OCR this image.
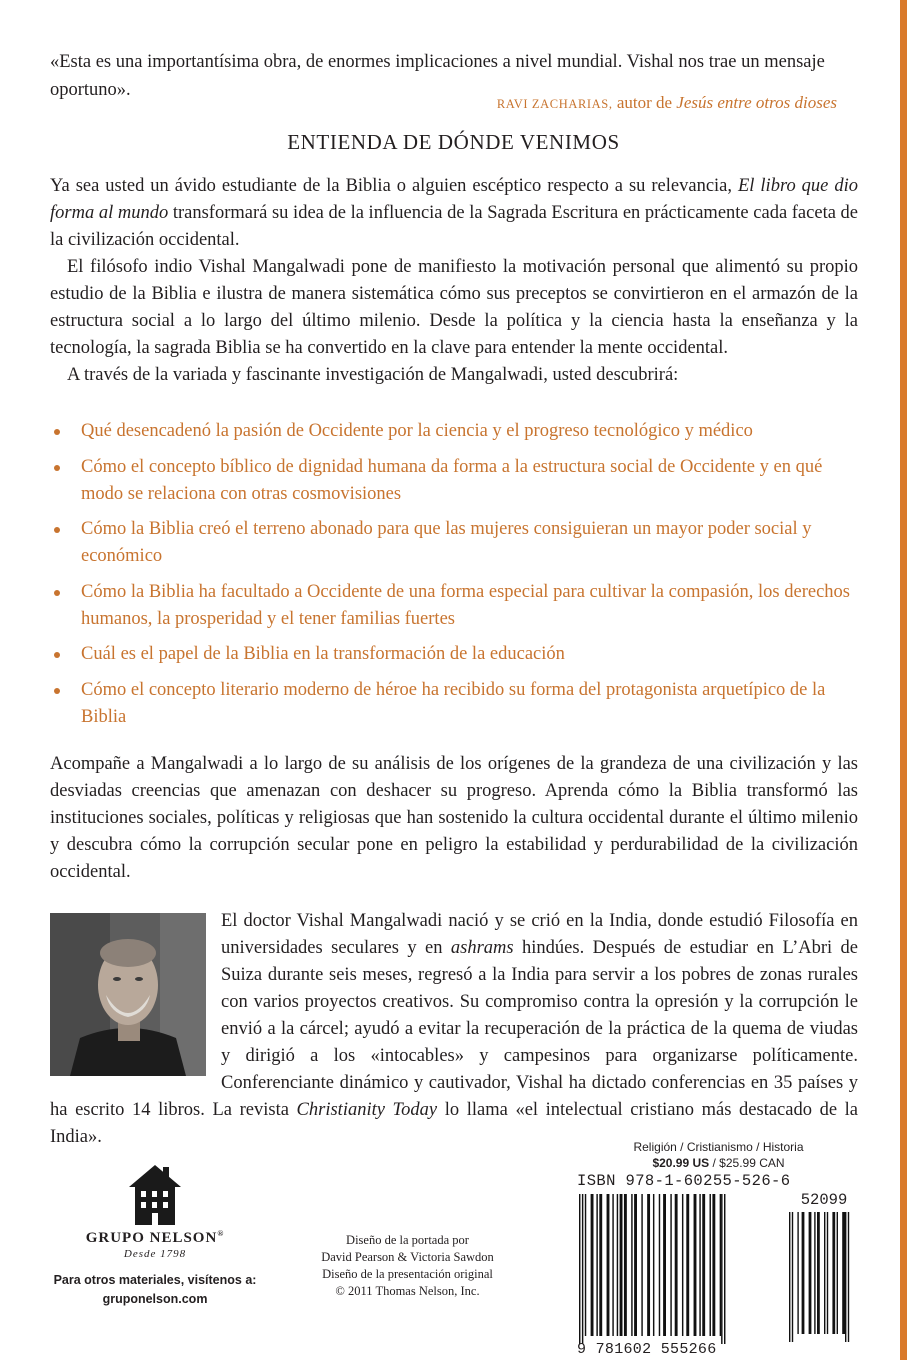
«Esta es una importantísima obra, de enormes implicaciones a nivel mundial. Vishal nos trae un mensaje oportuno».
RAVI ZACHARIAS, autor de Jesús entre otros dioses
ENTIENDA DE DÓNDE VENIMOS

Ya sea usted un ávido estudiante de la Biblia o alguien escéptico respecto a su relevancia, El libro que dio forma al mundo transformará su idea de la influencia de la Sagrada Escritura en prácticamente cada faceta de la civilización occidental.

El filósofo indio Vishal Mangalwadi pone de manifiesto la motivación personal que alimentó su propio estudio de la Biblia e ilustra de manera sistemática cómo sus preceptos se convirtieron en el armazón de la estructura social a lo largo del último milenio. Desde la política y la ciencia hasta la enseñanza y la tecnología, la sagrada Biblia se ha convertido en la clave para entender la mente occidental.

A través de la variada y fascinante investigación de Mangalwadi, usted descubrirá:

Qué desencadenó la pasión de Occidente por la ciencia y el progreso tecnológico y médico
Cómo el concepto bíblico de dignidad humana da forma a la estructura social de Occidente y en qué modo se relaciona con otras cosmovisiones
Cómo la Biblia creó el terreno abonado para que las mujeres consiguieran un mayor poder social y económico
Cómo la Biblia ha facultado a Occidente de una forma especial para cultivar la compasión, los derechos humanos, la prosperidad y el tener familias fuertes
Cuál es el papel de la Biblia en la transformación de la educación
Cómo el concepto literario moderno de héroe ha recibido su forma del protagonista arquetípico de la Biblia
Acompañe a Mangalwadi a lo largo de su análisis de los orígenes de la grandeza de una civilización y las desviadas creencias que amenazan con deshacer su progreso. Aprenda cómo la Biblia transformó las instituciones sociales, políticas y religiosas que han sostenido la cultura occidental durante el último milenio y descubra cómo la corrupción secular pone en peligro la estabilidad y perdurabilidad de la civilización occidental.
El doctor Vishal Mangalwadi nació y se crió en la India, donde estudió Filosofía en universidades seculares y en ashrams hindúes. Después de estudiar en L’Abri de Suiza durante seis meses, regresó a la India para servir a los pobres de zonas rurales con varios proyectos creativos. Su compromiso contra la opresión y la corrupción le envió a la cárcel; ayudó a evitar la recuperación de la práctica de la quema de viudas y dirigió a los «intocables» y campesinos para organizarse políticamente. Conferenciante dinámico y cautivador, Vishal ha dictado conferencias en 35 países y ha escrito 14 libros. La revista Christianity Today lo llama «el intelectual cristiano más destacado de la India».
GRUPO NELSON®
Desde 1798
Para otros materiales, visítenos a:
gruponelson.com
Diseño de la portada por
David Pearson & Victoria Sawdon
Diseño de la presentación original
© 2011 Thomas Nelson, Inc.
Religión / Cristianismo / Historia
$20.99 US / $25.99 CAN
ISBN 978-1-60255-526-6
52099
9 781602 555266
